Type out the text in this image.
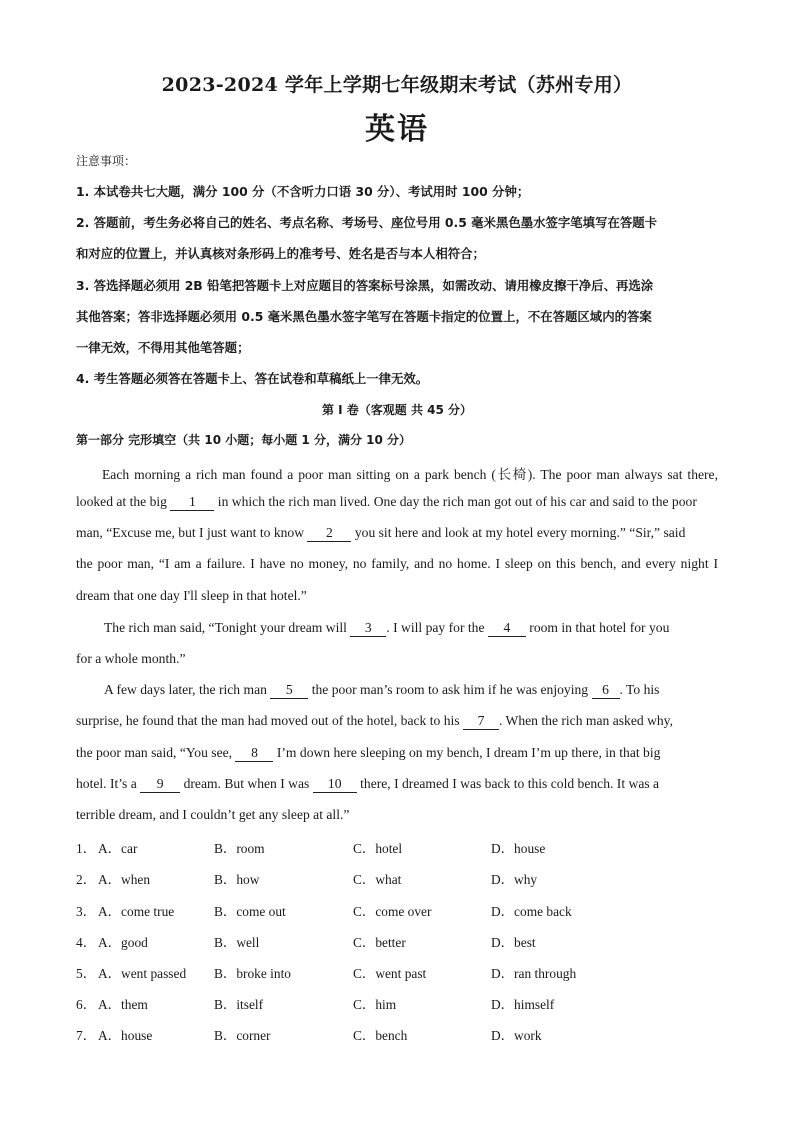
2023-2024 学年上学期七年级期末考试（苏州专用）
英语
注意事项：
1. 本试卷共七大题，满分 100 分（不含听力口语 30 分）、考试用时 100 分钟；
2. 答题前，考生务必将自己的姓名、考点名称、考场号、座位号用 0.5 毫米黑色墨水签字笔填写在答题卡
和对应的位置上，并认真核对条形码上的准考号、姓名是否与本人相符合；
3. 答选择题必须用 2B 铅笔把答题卡上对应题目的答案标号涂黑，如需改动、请用橡皮擦干净后、再选涂
其他答案；答非选择题必须用 0.5 毫米黑色墨水签字笔写在答题卡指定的位置上，不在答题区域内的答案
一律无效，不得用其他笔答题；
4. 考生答题必须答在答题卡上、答在试卷和草稿纸上一律无效。
第 I 卷（客观题 共 45 分）
第一部分 完形填空（共 10 小题；每小题 1 分，满分 10 分）
Each morning a rich man found a poor man sitting on a park bench (长椅). The poor man always sat there,
looked at the big 1 in which the rich man lived. One day the rich man got out of his car and said to the poor
man, “Excuse me, but I just want to know 2 you sit here and look at my hotel every morning.” “Sir,” said
the poor man, “I am a failure. I have no money, no family, and no home. I sleep on this bench, and every night I
dream that one day I'll sleep in that hotel.”
The rich man said, “Tonight your dream will 3 . I will pay for the 4 room in that hotel for you
for a whole month.”
A few days later, the rich man 5 the poor man’s room to ask him if he was enjoying 6 . To his
surprise, he found that the man had moved out of the hotel, back to his 7 . When the rich man asked why,
the poor man said, “You see, 8 I’m down here sleeping on my bench, I dream I’m up there, in that big
hotel. It’s a 9 dream. But when I was 10 there, I dreamed I was back to this cold bench. It was a
terrible dream, and I couldn’t get any sleep at all.”
1． A．car	B．room	C．hotel	D．house
2． A．when	B．how	C．what	D．why
3． A．come true	B．come out	C．come over	D．come back
4． A．good	B．well	C．better	D．best
5． A．went passed B．broke into	C．went past	D．ran through
6． A．them	B．itself	C．him	D．himself
7． A．house	B．corner	C．bench	D．work
